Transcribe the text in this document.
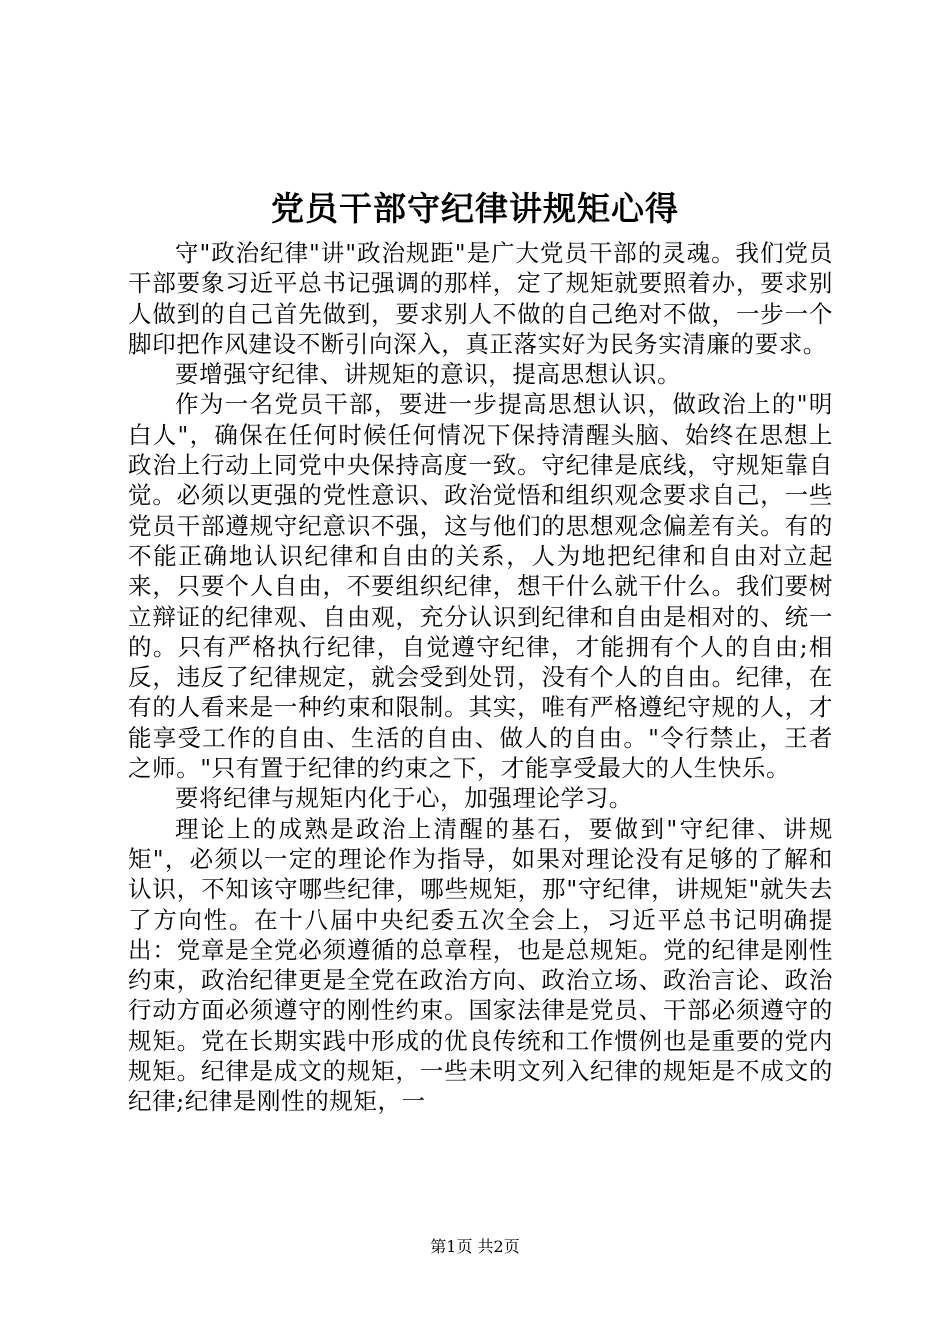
党员干部守纪律讲规矩心得

守"政治纪律"讲"政治规距"是广大党员干部的灵魂。我们党员干部要象习近平总书记强调的那样，定了规矩就要照着办，要求别人做到的自己首先做到，要求别人不做的自己绝对不做，一步一个脚印把作风建设不断引向深入，真正落实好为民务实清廉的要求。

要增强守纪律、讲规矩的意识，提高思想认识。

作为一名党员干部，要进一步提高思想认识，做政治上的"明白人"，确保在任何时候任何情况下保持清醒头脑、始终在思想上政治上行动上同党中央保持高度一致。守纪律是底线，守规矩靠自觉。必须以更强的党性意识、政治觉悟和组织观念要求自己，一些党员干部遵规守纪意识不强，这与他们的思想观念偏差有关。有的不能正确地认识纪律和自由的关系，人为地把纪律和自由对立起来，只要个人自由，不要组织纪律，想干什么就干什么。我们要树立辩证的纪律观、自由观，充分认识到纪律和自由是相对的、统一的。只有严格执行纪律，自觉遵守纪律，才能拥有个人的自由;相反，违反了纪律规定，就会受到处罚，没有个人的自由。纪律，在有的人看来是一种约束和限制。其实，唯有严格遵纪守规的人，才能享受工作的自由、生活的自由、做人的自由。"令行禁止，王者之师。"只有置于纪律的约束之下，才能享受最大的人生快乐。

要将纪律与规矩内化于心，加强理论学习。

理论上的成熟是政治上清醒的基石，要做到"守纪律、讲规矩"，必须以一定的理论作为指导，如果对理论没有足够的了解和认识，不知该守哪些纪律，哪些规矩，那"守纪律，讲规矩"就失去了方向性。在十八届中央纪委五次全会上，习近平总书记明确提出：党章是全党必须遵循的总章程，也是总规矩。党的纪律是刚性约束，政治纪律更是全党在政治方向、政治立场、政治言论、政治行动方面必须遵守的刚性约束。国家法律是党员、干部必须遵守的规矩。党在长期实践中形成的优良传统和工作惯例也是重要的党内规矩。纪律是成文的规矩，一些未明文列入纪律的规矩是不成文的纪律;纪律是刚性的规矩，一

第1页 共2页
